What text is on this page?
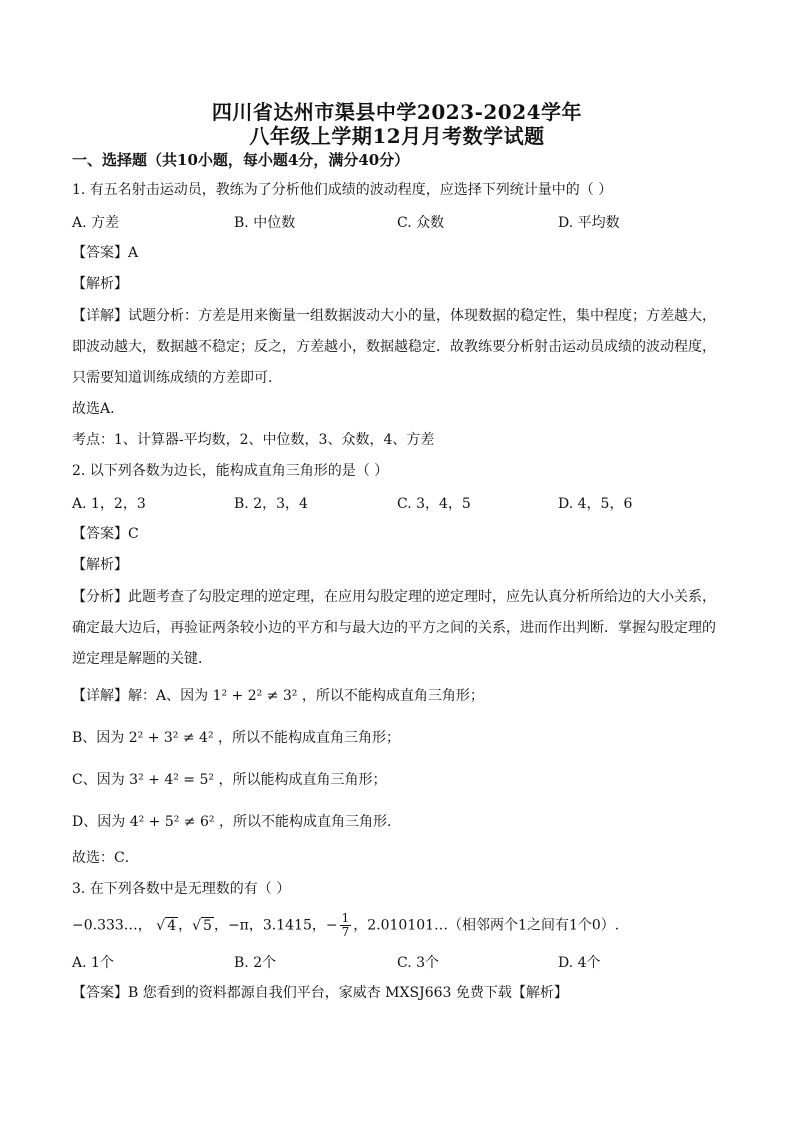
四川省达州市渠县中学2023-2024学年
八年级上学期12月月考数学试题
一、选择题（共10小题，每小题4分，满分40分）
1. 有五名射击运动员，教练为了分析他们成绩的波动程度，应选择下列统计量中的（ ）
A. 方差	B. 中位数	C. 众数	D. 平均数
【答案】A
【解析】
【详解】试题分析：方差是用来衡量一组数据波动大小的量，体现数据的稳定性，集中程度；方差越大，
即波动越大，数据越不稳定；反之，方差越小，数据越稳定．故教练要分析射击运动员成绩的波动程度，
只需要知道训练成绩的方差即可．
故选A.
考点：1、计算器-平均数，2、中位数，3、众数，4、方差
2. 以下列各数为边长，能构成直角三角形的是（ ）
A. 1，2，3	B. 2，3，4	C. 3，4，5	D. 4，5，6
【答案】C
【解析】
【分析】此题考查了勾股定理的逆定理，在应用勾股定理的逆定理时，应先认真分析所给边的大小关系，
确定最大边后，再验证两条较小边的平方和与最大边的平方之间的关系，进而作出判断．掌握勾股定理的
逆定理是解题的关键．
【详解】解：A、因为 1² + 2² ≠ 3² ，所以不能构成直角三角形；
B、因为 2² + 3² ≠ 4² ，所以不能构成直角三角形；
C、因为 3² + 4² = 5² ，所以能构成直角三角形；
D、因为 4² + 5² ≠ 6² ，所以不能构成直角三角形．
故选：C．
3. 在下列各数中是无理数的有（ ）
−0.333…， √ 4 ，√ 5 ，−π，3.1415，− $\frac{1}{7}$ ，2.010101…（相邻两个1之间有1个0）.
A. 1个	B. 2个	C. 3个	D. 4个
【答案】B 您看到的资料都源自我们平台，家威杏 MXSJ663 免费下载【解析】
